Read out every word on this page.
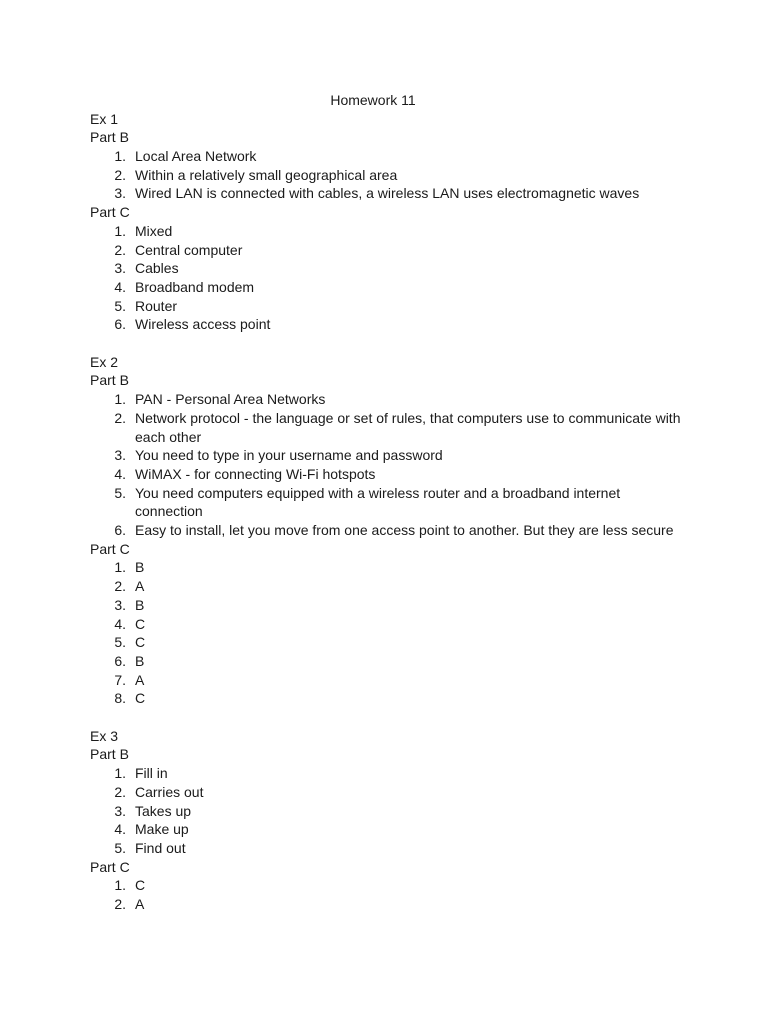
Homework 11
Ex 1
Part B
1. Local Area Network
2. Within a relatively small geographical area
3. Wired LAN is connected with cables, a wireless LAN uses electromagnetic waves
Part C
1. Mixed
2. Central computer
3. Cables
4. Broadband modem
5. Router
6. Wireless access point
Ex 2
Part B
1. PAN - Personal Area Networks
2. Network protocol - the language or set of rules, that computers use to communicate with each other
3. You need to type in your username and password
4. WiMAX - for connecting Wi-Fi hotspots
5. You need computers equipped with a wireless router and a broadband internet connection
6. Easy to install, let you move from one access point to another. But they are less secure
Part C
1. B
2. A
3. B
4. C
5. C
6. B
7. A
8. C
Ex 3
Part B
1. Fill in
2. Carries out
3. Takes up
4. Make up
5. Find out
Part C
1. C
2. A
